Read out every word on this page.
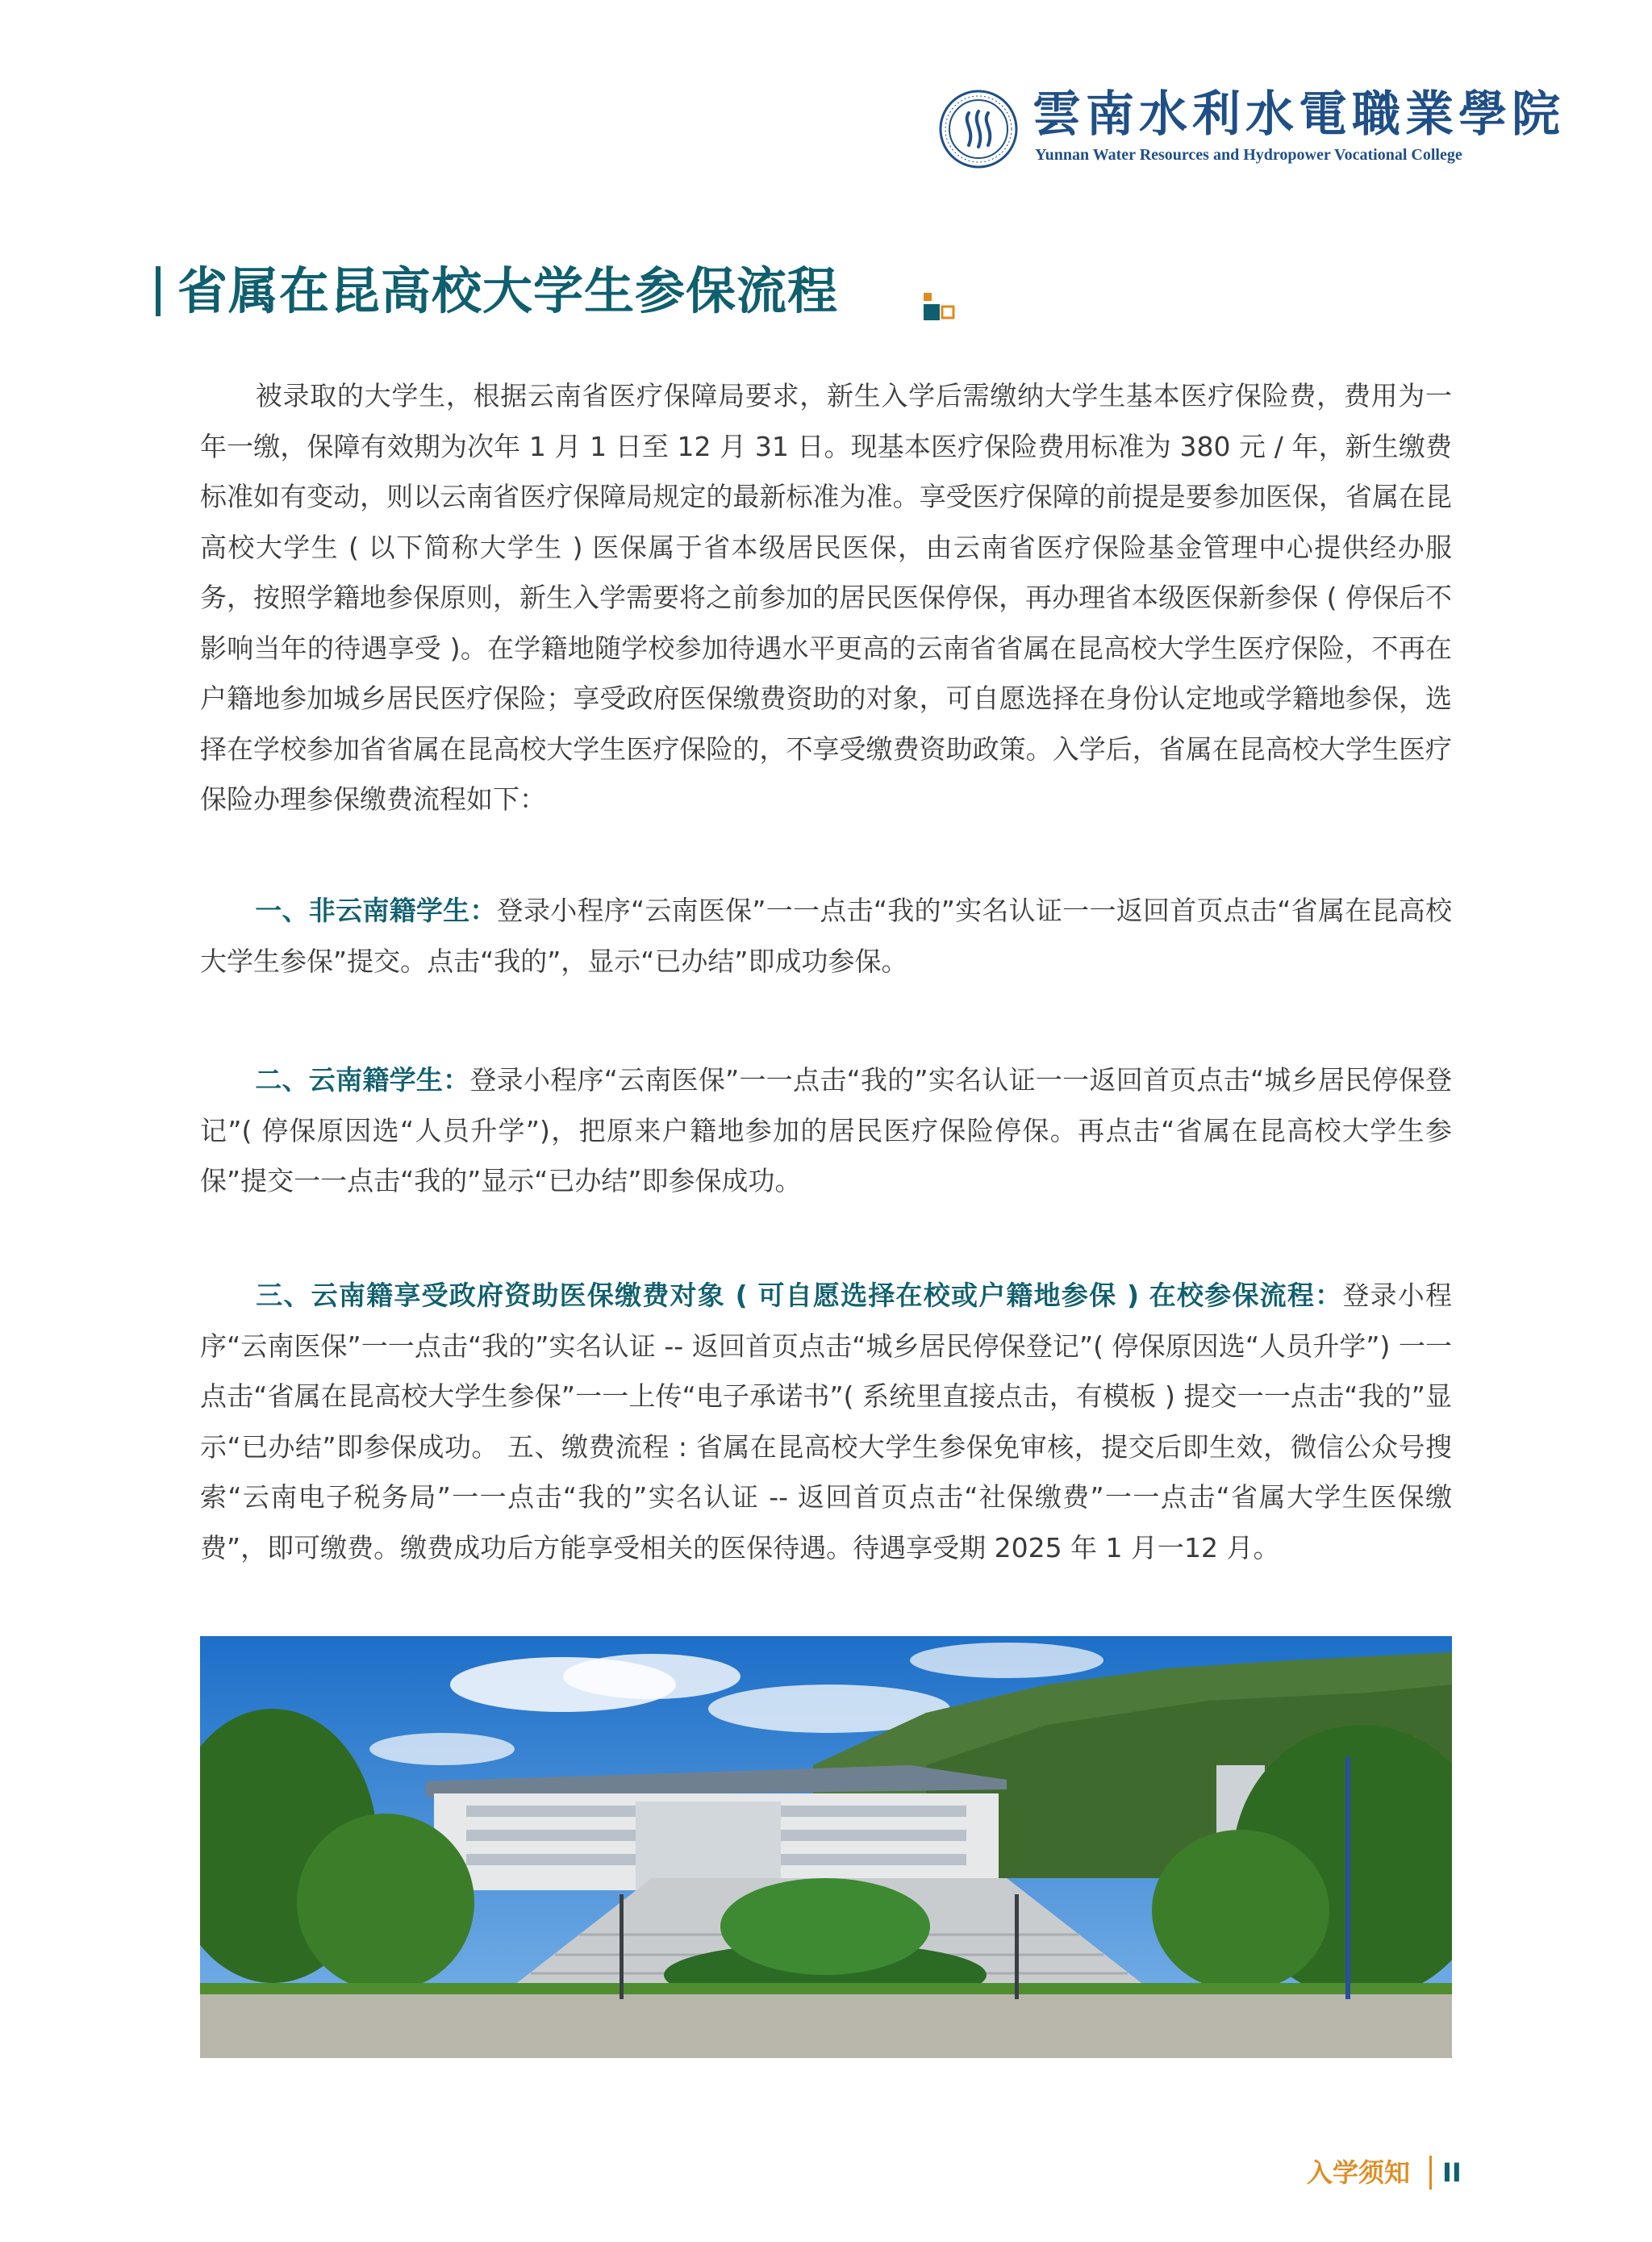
雲南水利水電職業學院
Yunnan Water Resources and Hydropower Vocational College
省属在昆高校大学生参保流程

被录取的大学生，根据云南省医疗保障局要求，新生入学后需缴纳大学生基本医疗保险费，费用为一年一缴，保障有效期为次年 1 月 1 日至 12 月 31 日。现基本医疗保险费用标准为 380 元 / 年，新生缴费标准如有变动，则以云南省医疗保障局规定的最新标准为准。享受医疗保障的前提是要参加医保，省属在昆高校大学生 ( 以下简称大学生 ) 医保属于省本级居民医保，由云南省医疗保险基金管理中心提供经办服务，按照学籍地参保原则，新生入学需要将之前参加的居民医保停保，再办理省本级医保新参保 ( 停保后不影响当年的待遇享受 )。在学籍地随学校参加待遇水平更高的云南省省属在昆高校大学生医疗保险，不再在户籍地参加城乡居民医疗保险；享受政府医保缴费资助的对象，可自愿选择在身份认定地或学籍地参保，选择在学校参加省省属在昆高校大学生医疗保险的，不享受缴费资助政策。入学后，省属在昆高校大学生医疗保险办理参保缴费流程如下：

一、非云南籍学生：登录小程序“云南医保”一一点击“我的”实名认证一一返回首页点击“省属在昆高校大学生参保”提交。点击“我的”，显示“已办结”即成功参保。

二、云南籍学生：登录小程序“云南医保”一一点击“我的”实名认证一一返回首页点击“城乡居民停保登记”( 停保原因选“人员升学”)，把原来户籍地参加的居民医疗保险停保。再点击“省属在昆高校大学生参保”提交一一点击“我的”显示“已办结”即参保成功。

三、云南籍享受政府资助医保缴费对象 ( 可自愿选择在校或户籍地参保 ) 在校参保流程：登录小程序“云南医保”一一点击“我的”实名认证 -- 返回首页点击“城乡居民停保登记”( 停保原因选“人员升学”) 一一点击“省属在昆高校大学生参保”一一上传“电子承诺书”( 系统里直接点击，有模板 ) 提交一一点击“我的”显示“已办结”即参保成功。 五、缴费流程 : 省属在昆高校大学生参保免审核，提交后即生效，微信公众号搜索“云南电子税务局”一一点击“我的”实名认证 -- 返回首页点击“社保缴费”一一点击“省属大学生医保缴费”，即可缴费。缴费成功后方能享受相关的医保待遇。待遇享受期 2025 年 1 月一12 月。

入学须知 II
